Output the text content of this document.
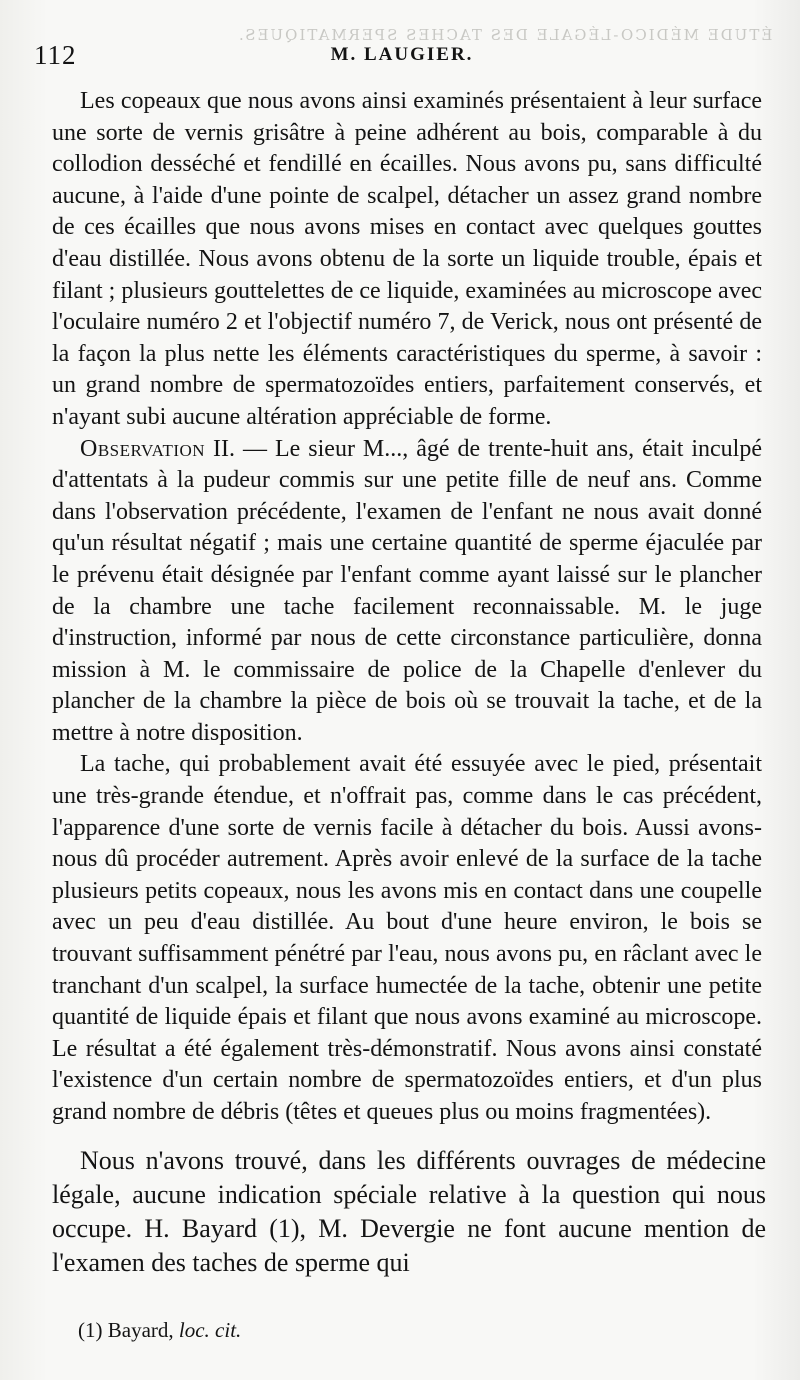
112	M. LAUGIER.
ÉTUDE MÉDICO-LÉGALE DES TACHES SPERMATIQUES.

Les copeaux que nous avons ainsi examinés présentaient à leur surface une sorte de vernis grisâtre à peine adhérent au bois, comparable à du collodion desséché et fendillé en écailles. Nous avons pu, sans difficulté aucune, à l'aide d'une pointe de scalpel, détacher un assez grand nombre de ces écailles que nous avons mises en contact avec quelques gouttes d'eau distillée. Nous avons obtenu de la sorte un liquide trouble, épais et filant ; plusieurs gouttelettes de ce liquide, examinées au microscope avec l'oculaire numéro 2 et l'objectif numéro 7, de Verick, nous ont présenté de la façon la plus nette les éléments caractéristiques du sperme, à savoir : un grand nombre de spermatozoïdes entiers, parfaitement conservés, et n'ayant subi aucune altération appréciable de forme.

Observation II. — Le sieur M..., âgé de trente-huit ans, était inculpé d'attentats à la pudeur commis sur une petite fille de neuf ans. Comme dans l'observation précédente, l'examen de l'enfant ne nous avait donné qu'un résultat négatif ; mais une certaine quantité de sperme éjaculée par le prévenu était désignée par l'enfant comme ayant laissé sur le plancher de la chambre une tache facilement reconnaissable. M. le juge d'instruction, informé par nous de cette circonstance particulière, donna mission à M. le commissaire de police de la Chapelle d'enlever du plancher de la chambre la pièce de bois où se trouvait la tache, et de la mettre à notre disposition.

La tache, qui probablement avait été essuyée avec le pied, présentait une très-grande étendue, et n'offrait pas, comme dans le cas précédent, l'apparence d'une sorte de vernis facile à détacher du bois. Aussi avons-nous dû procéder autrement. Après avoir enlevé de la surface de la tache plusieurs petits copeaux, nous les avons mis en contact dans une coupelle avec un peu d'eau distillée. Au bout d'une heure environ, le bois se trouvant suffisamment pénétré par l'eau, nous avons pu, en râclant avec le tranchant d'un scalpel, la surface humectée de la tache, obtenir une petite quantité de liquide épais et filant que nous avons examiné au microscope. Le résultat a été également très-démonstratif. Nous avons ainsi constaté l'existence d'un certain nombre de spermatozoïdes entiers, et d'un plus grand nombre de débris (têtes et queues plus ou moins fragmentées).

Nous n'avons trouvé, dans les différents ouvrages de médecine légale, aucune indication spéciale relative à la question qui nous occupe. H. Bayard (1), M. Devergie ne font aucune mention de l'examen des taches de sperme qui

(1) Bayard, loc. cit.
